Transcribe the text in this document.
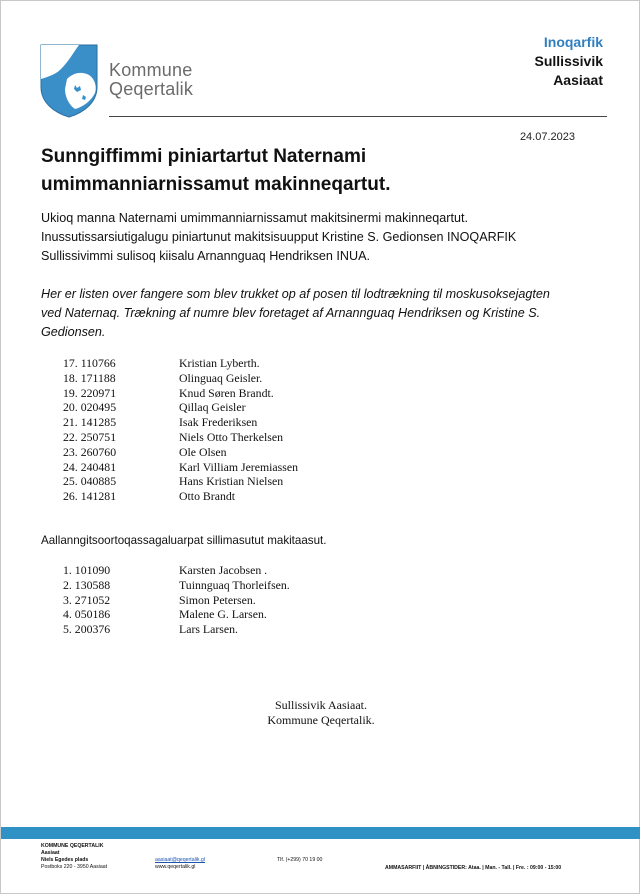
Kommune
Qeqertalik
Inoqarfik
Sullissivik
Aasiaat
24.07.2023
Sunngiffimmi piniartartut Naternami
umimmanniarnissamut makinneqartut.
Ukioq manna Naternami umimmanniarnissamut makitsinermi makinneqartut.
Inussutissarsiutigalugu piniartunut makitsisuupput Kristine S. Gedionsen INOQARFIK
Sullissivimmi sulisoq kiisalu Arnannguaq Hendriksen INUA.
Her er listen over fangere som blev trukket op af posen til lodtrækning til moskusoksejagten
ved Naternaq. Trækning af numre blev foretaget af Arnannguaq Hendriksen og Kristine S.
Gedionsen.
17. 110766	Kristian Lyberth.
18. 171188	Olinguaq Geisler.
19. 220971	Knud Søren Brandt.
20. 020495	Qillaq Geisler
21. 141285	Isak Frederiksen
22. 250751	Niels Otto Therkelsen
23. 260760	Ole Olsen
24. 240481	Karl Villiam Jeremiassen
25. 040885	Hans Kristian Nielsen
26. 141281	Otto Brandt
Aallanngitsoortoqassagaluarpat sillimasutut makitaasut.
1. 101090	Karsten Jacobsen .
2. 130588	Tuinnguaq Thorleifsen.
3. 271052	Simon Petersen.
4. 050186	Malene G. Larsen.
5. 200376	Lars Larsen.
Sullissivik Aasiaat.
Kommune Qeqertalik.
KOMMUNE QEQERTALIK
Aasiaat
Niels Egedes plads
Postboks 220 - 3950 Aasiaat
aasiaat@qeqertalik.gl
www.qeqertalik.gl
Tlf. (+299) 70 19 00
AMMASARFIIT | ÅBNINGSTIDER: Ataa. | Man. - Tall. | Fre. : 09:00 - 15:00
